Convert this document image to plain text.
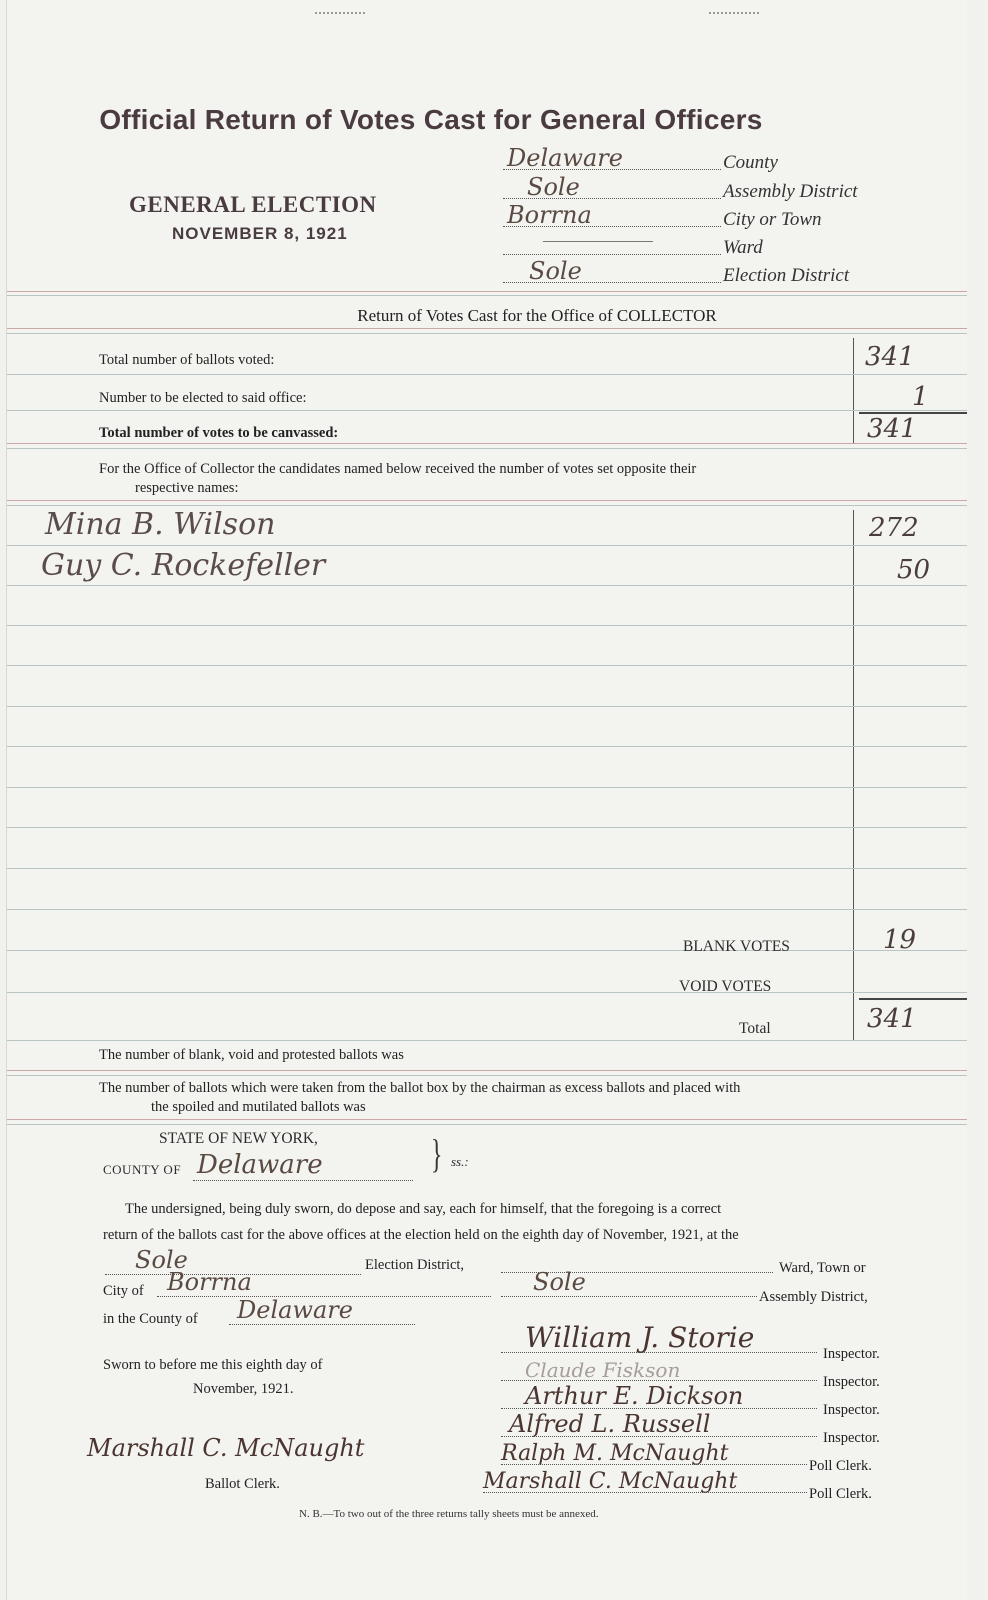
Official Return of Votes Cast for General Officers
GENERAL ELECTION
NOVEMBER 8, 1921
Delaware	County
Sole	Assembly District
Borrna	City or Town
Ward
Sole	Election District
Return of Votes Cast for the Office of COLLECTOR
Total number of ballots voted:	341
Number to be elected to said office:	1
Total number of votes to be canvassed:	341
For the Office of Collector the candidates named below received the number of votes set opposite their
respective names:
Mina B. Wilson	272
Guy C. Rockefeller	50
BLANK VOTES	19
VOID VOTES
Total	341
The number of blank, void and protested ballots was
The number of ballots which were taken from the ballot box by the chairman as excess ballots and placed with
the spoiled and mutilated ballots was
STATE OF NEW YORK,
COUNTY OF Delaware	} ss.:
The undersigned, being duly sworn, do depose and say, each for himself, that the foregoing is a correct
return of the ballots cast for the above offices at the election held on the eighth day of November, 1921, at the
Sole	Election District,	Ward, Town or
City of Borrna	Sole
Assembly District,
in the County of Delaware
Sworn to before me this eighth day of
November, 1921.
William J. Storie	Inspector.
Claude Fiskson	Inspector.
Arthur E. Dickson	Inspector.
Alfred L. Russell	Inspector.
Ralph M. McNaught	Poll Clerk.
Marshall C. McNaught	Poll Clerk.
Marshall C. McNaught
Ballot Clerk.
N. B.—To two out of the three returns tally sheets must be annexed.
